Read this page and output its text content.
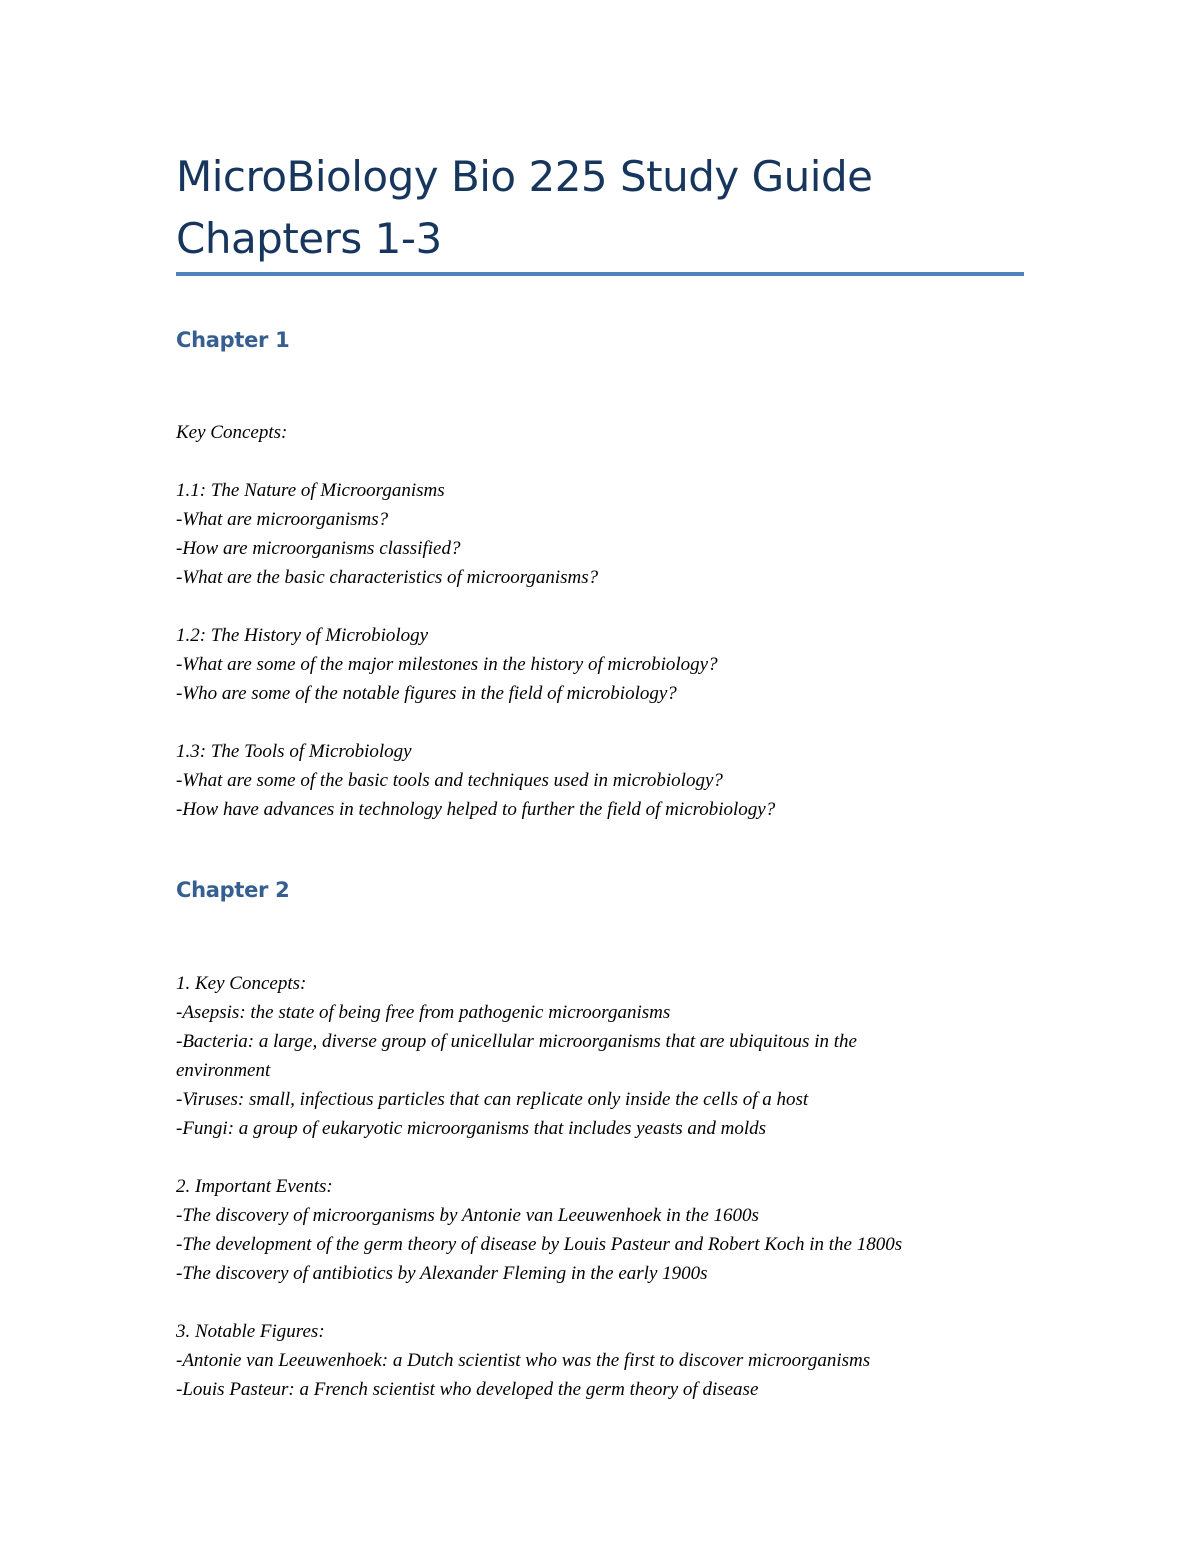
MicroBiology Bio 225 Study Guide
Chapters 1-3
Chapter 1
Key Concepts:
1.1: The Nature of Microorganisms
-What are microorganisms?
-How are microorganisms classified?
-What are the basic characteristics of microorganisms?
1.2: The History of Microbiology
-What are some of the major milestones in the history of microbiology?
-Who are some of the notable figures in the field of microbiology?
1.3: The Tools of Microbiology
-What are some of the basic tools and techniques used in microbiology?
-How have advances in technology helped to further the field of microbiology?
Chapter 2
1. Key Concepts:
-Asepsis: the state of being free from pathogenic microorganisms
-Bacteria: a large, diverse group of unicellular microorganisms that are ubiquitous in the
environment
-Viruses: small, infectious particles that can replicate only inside the cells of a host
-Fungi: a group of eukaryotic microorganisms that includes yeasts and molds
2. Important Events:
-The discovery of microorganisms by Antonie van Leeuwenhoek in the 1600s
-The development of the germ theory of disease by Louis Pasteur and Robert Koch in the 1800s
-The discovery of antibiotics by Alexander Fleming in the early 1900s
3. Notable Figures:
-Antonie van Leeuwenhoek: a Dutch scientist who was the first to discover microorganisms
-Louis Pasteur: a French scientist who developed the germ theory of disease
